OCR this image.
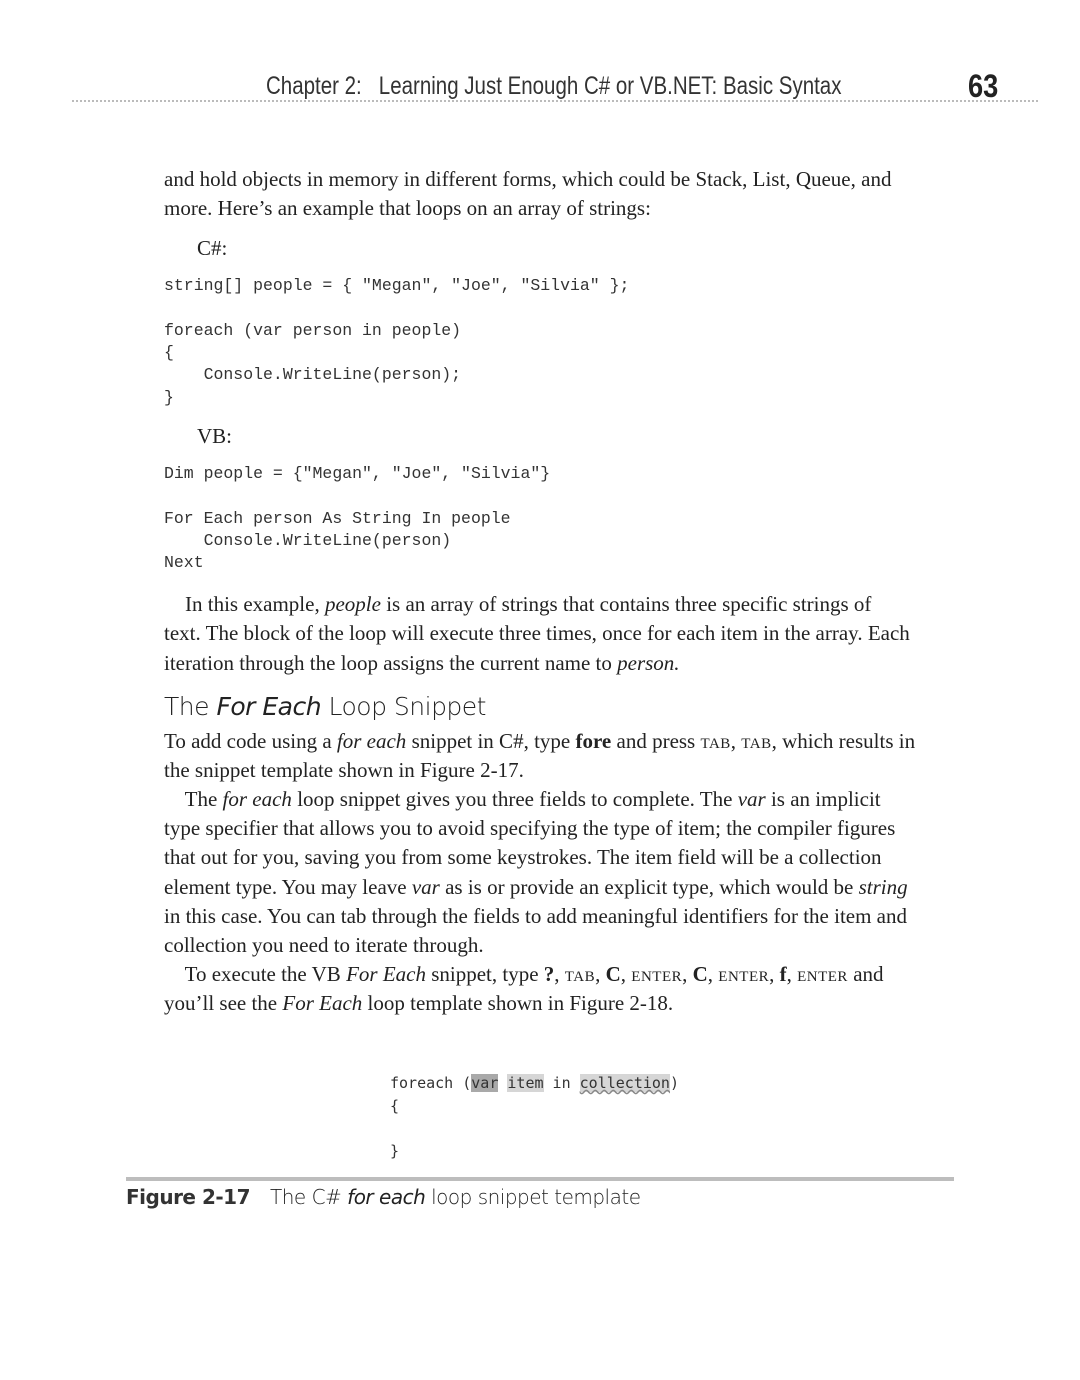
Chapter 2:   Learning Just Enough C# or VB.NET: Basic Syntax	63
and hold objects in memory in different forms, which could be Stack, List, Queue, and
more. Here’s an example that loops on an array of strings:
C#:
string[] people = { "Megan", "Joe", "Silvia" };
foreach (var person in people)
{
Console.WriteLine(person);
}
VB:
Dim people = {"Megan", "Joe", "Silvia"}
For Each person As String In people
Console.WriteLine(person)
Next
In this example, people is an array of strings that contains three specific strings of
text. The block of the loop will execute three times, once for each item in the array. Each
iteration through the loop assigns the current name to person.
The For Each Loop Snippet
To add code using a for each snippet in C#, type fore and press TAB, TAB, which results in
the snippet template shown in Figure 2-17.
The for each loop snippet gives you three fields to complete. The var is an implicit
type specifier that allows you to avoid specifying the type of item; the compiler figures
that out for you, saving you from some keystrokes. The item field will be a collection
element type. You may leave var as is or provide an explicit type, which would be string
in this case. You can tab through the fields to add meaningful identifiers for the item and
collection you need to iterate through.
To execute the VB For Each snippet, type ?, TAB, C, ENTER, C, ENTER, f, ENTER and
you’ll see the For Each loop template shown in Figure 2-18.
foreach (var item in collection)
{
}
Figure 2-17 The C# for each loop snippet template
